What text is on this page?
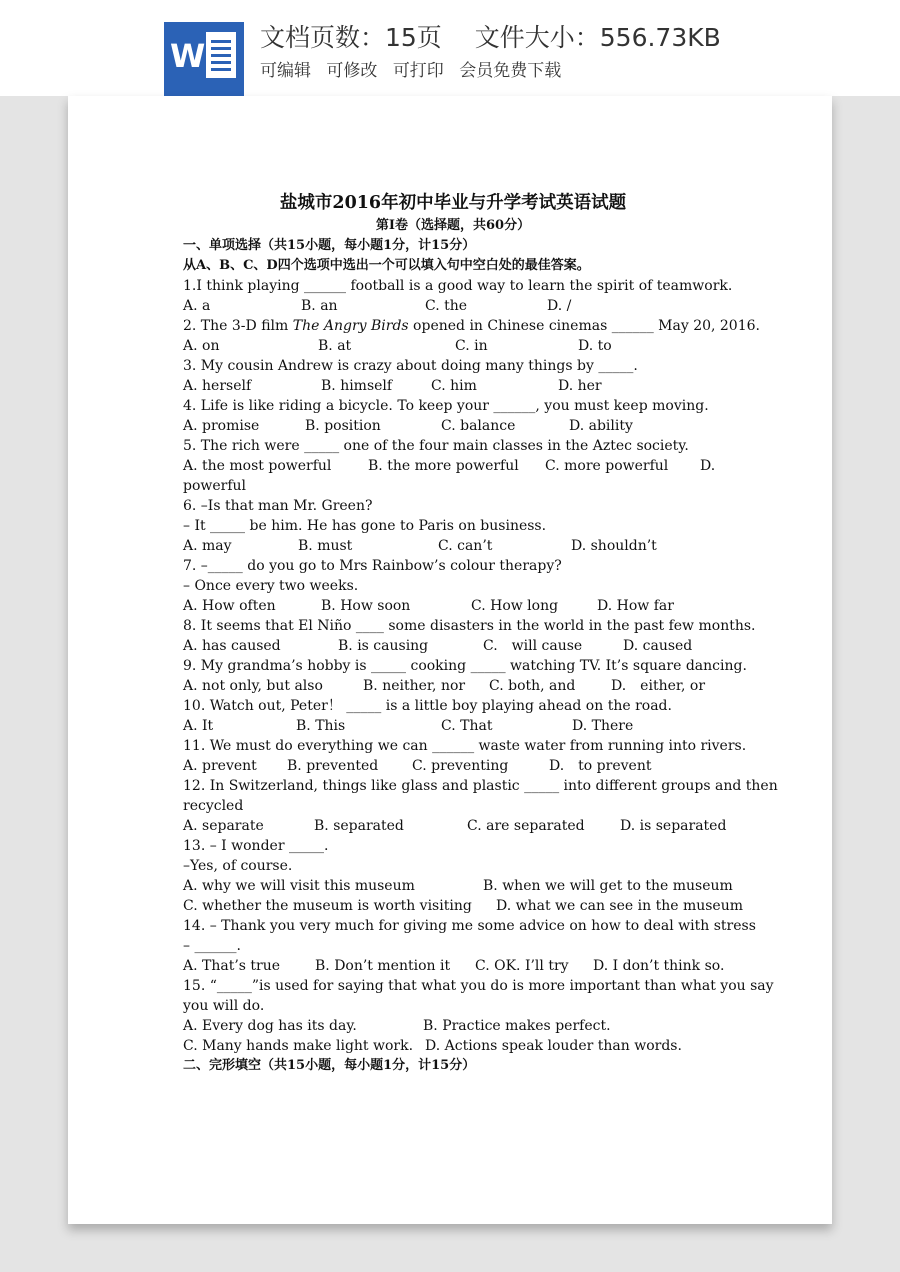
W 文档页数：15页　 文件大小：556.73KB
可编辑 可修改 可打印 会员免费下载
盐城市2016年初中毕业与升学考试英语试题
第Ⅰ卷（选择题，共60分）
一、单项选择（共15小题，每小题1分，计15分）
从A、B、C、D四个选项中选出一个可以填入句中空白处的最佳答案。
1.I think playing ______ football is a good way to learn the spirit of teamwork.
A. a	B. an	C. the	D. /
2. The 3-D film The Angry Birds opened in Chinese cinemas ______ May 20, 2016.
A. on	B. at	C. in	D. to
3. My cousin Andrew is crazy about doing many things by _____.
A. herself	B. himself	C. him	D. her
4. Life is like riding a bicycle. To keep your ______, you must keep moving.
A. promise	B. position	C. balance	D. ability
5. The rich were _____ one of the four main classes in the Aztec society.
A. the most powerful	B. the more powerful C. more powerful D.
powerful
6. –Is that man Mr. Green?
– It _____ be him. He has gone to Paris on business.
A. may	B. must	C. can’t	D. shouldn’t
7. –_____ do you go to Mrs Rainbow’s colour therapy?
– Once every two weeks.
A. How often	B. How soon	C. How long	D. How far
8. It seems that El Niño ____ some disasters in the world in the past few months.
A. has caused	B. is causing	C.　will cause	D. caused
9. My grandma’s hobby is _____ cooking _____ watching TV. It’s square dancing.
A. not only, but also	B. neither, nor C. both, and	D.　either, or
10. Watch out, Peter！ _____ is a little boy playing ahead on the road.
A. It	B. This	C. That	D. There
11. We must do everything we can ______ waste water from running into rivers.
A. prevent B. prevented C. preventing	D.　to prevent
12. In Switzerland, things like glass and plastic _____ into different groups and then
recycled
A. separate	B. separated	C. are separated	D. is separated
13. – I wonder _____.
–Yes, of course.
A. why we will visit this museum	B. when we will get to the museum
C. whether the museum is worth visiting D. what we can see in the museum
14. – Thank you very much for giving me some advice on how to deal with stress
– ______.
A. That’s true B. Don’t mention it C. OK. I’ll try D. I don’t think so.
15. “_____”is used for saying that what you do is more important than what you say
you will do.
A. Every dog has its day.	B. Practice makes perfect.
C. Many hands make light work. D. Actions speak louder than words.
二、完形填空（共15小题，每小题1分，计15分）
